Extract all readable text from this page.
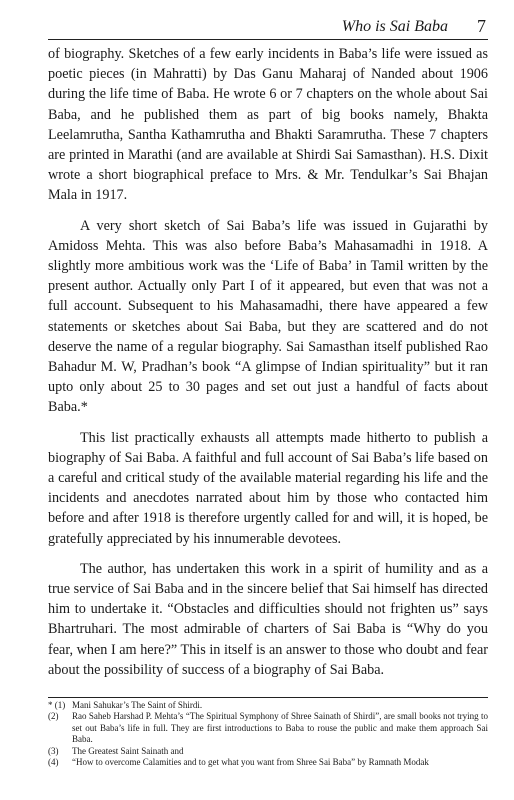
Who is Sai Baba 7

of biography. Sketches of a few early incidents in Baba’s life were issued as poetic pieces (in Mahratti) by Das Ganu Maharaj of Nanded about 1906 during the life time of Baba. He wrote 6 or 7 chapters on the whole about Sai Baba, and he published them as part of big books namely, Bhakta Leelamrutha, Santha Kathamrutha and Bhakti Saramrutha. These 7 chapters are printed in Marathi (and are available at Shirdi Sai Samasthan). H.S. Dixit wrote a short biographical preface to Mrs. & Mr. Tendulkar’s Sai Bhajan Mala in 1917.

A very short sketch of Sai Baba’s life was issued in Gujarathi by Amidoss Mehta. This was also before Baba’s Mahasamadhi in 1918. A slightly more ambitious work was the ‘Life of Baba’ in Tamil written by the present author. Actually only Part I of it appeared, but even that was not a full account. Subsequent to his Mahasamadhi, there have appeared a few statements or sketches about Sai Baba, but they are scattered and do not deserve the name of a regular biography. Sai Samasthan itself published Rao Bahadur M. W, Pradhan’s book “A glimpse of Indian spirituality” but it ran upto only about 25 to 30 pages and set out just a handful of facts about Baba.*

This list practically exhausts all attempts made hitherto to publish a biography of Sai Baba. A faithful and full account of Sai Baba’s life based on a careful and critical study of the available material regarding his life and the incidents and anecdotes narrated about him by those who contacted him before and after 1918 is therefore urgently called for and will, it is hoped, be gratefully appreciated by his innumerable devotees.

The author, has undertaken this work in a spirit of humility and as a true service of Sai Baba and in the sincere belief that Sai himself has directed him to undertake it. “Obstacles and difficulties should not frighten us” says Bhartruhari. The most admirable of charters of Sai Baba is “Why do you fear, when I am here?” This in itself is an answer to those who doubt and fear about the possibility of success of a biography of Sai Baba.

* (1) Mani Sahukar’s The Saint of Shirdi.
(2) Rao Saheb Harshad P. Mehta’s “The Spiritual Symphony of Shree Sainath of Shirdi”, are small books not trying to set out Baba’s life in full. They are first introductions to Baba to rouse the public and make them approach Sai Baba.
(3) The Greatest Saint Sainath and
(4) “How to overcome Calamities and to get what you want from Shree Sai Baba” by Ramnath Modak
